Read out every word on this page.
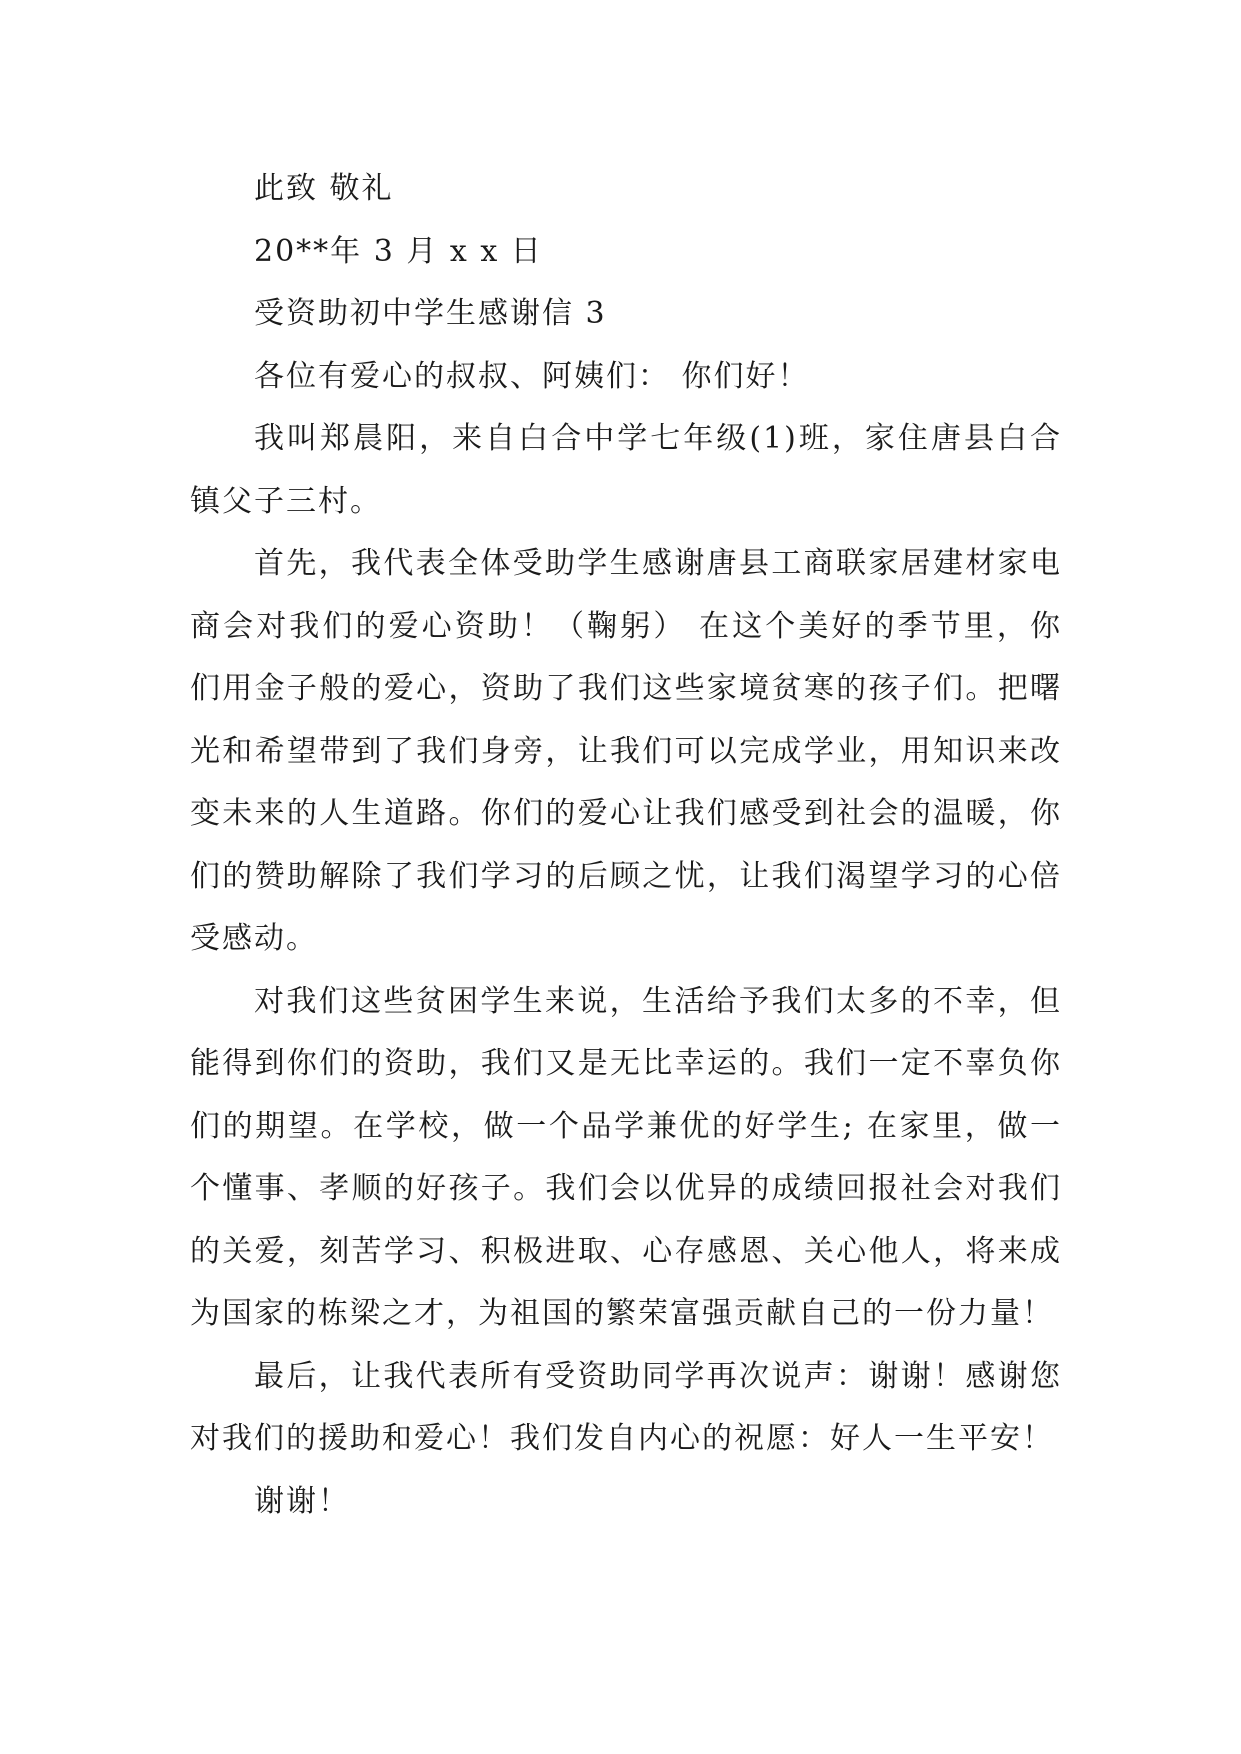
此致 敬礼

20**年 3 月 x x 日

受资助初中学生感谢信 3

各位有爱心的叔叔、阿姨们： 你们好！

我叫郑晨阳，来自白合中学七年级(1)班，家住唐县白合镇父子三村。

首先，我代表全体受助学生感谢唐县工商联家居建材家电商会对我们的爱心资助！（鞠躬） 在这个美好的季节里，你们用金子般的爱心，资助了我们这些家境贫寒的孩子们。把曙光和希望带到了我们身旁，让我们可以完成学业，用知识来改变未来的人生道路。你们的爱心让我们感受到社会的温暖，你们的赞助解除了我们学习的后顾之忧，让我们渴望学习的心倍受感动。

对我们这些贫困学生来说，生活给予我们太多的不幸，但能得到你们的资助，我们又是无比幸运的。我们一定不辜负你们的期望。在学校，做一个品学兼优的好学生; 在家里，做一个懂事、孝顺的好孩子。我们会以优异的成绩回报社会对我们的关爱，刻苦学习、积极进取、心存感恩、关心他人，将来成为国家的栋梁之才，为祖国的繁荣富强贡献自己的一份力量！

最后，让我代表所有受资助同学再次说声：谢谢！感谢您对我们的援助和爱心！我们发自内心的祝愿：好人一生平安！

谢谢！
